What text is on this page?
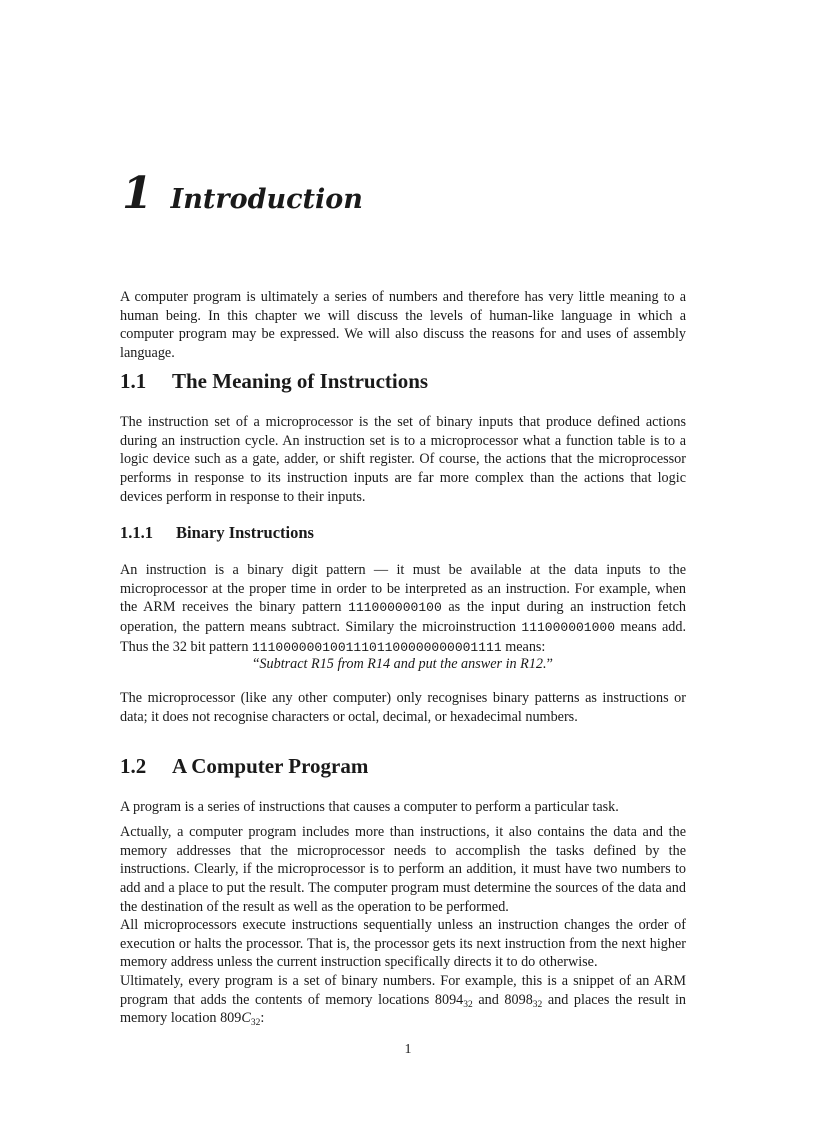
1 Introduction

A computer program is ultimately a series of numbers and therefore has very little meaning to a human being. In this chapter we will discuss the levels of human-like language in which a computer program may be expressed. We will also discuss the reasons for and uses of assembly language.

1.1 The Meaning of Instructions

The instruction set of a microprocessor is the set of binary inputs that produce defined actions during an instruction cycle. An instruction set is to a microprocessor what a function table is to a logic device such as a gate, adder, or shift register. Of course, the actions that the microprocessor performs in response to its instruction inputs are far more complex than the actions that logic devices perform in response to their inputs.

1.1.1 Binary Instructions

An instruction is a binary digit pattern — it must be available at the data inputs to the microprocessor at the proper time in order to be interpreted as an instruction. For example, when the ARM receives the binary pattern 111000000100 as the input during an instruction fetch operation, the pattern means subtract. Similary the microinstruction 111000001000 means add. Thus the 32 bit pattern 11100000010011101100000000001111 means:

“Subtract R15 from R14 and put the answer in R12.”

The microprocessor (like any other computer) only recognises binary patterns as instructions or data; it does not recognise characters or octal, decimal, or hexadecimal numbers.

1.2 A Computer Program

A program is a series of instructions that causes a computer to perform a particular task.

Actually, a computer program includes more than instructions, it also contains the data and the memory addresses that the microprocessor needs to accomplish the tasks defined by the instructions. Clearly, if the microprocessor is to perform an addition, it must have two numbers to add and a place to put the result. The computer program must determine the sources of the data and the destination of the result as well as the operation to be performed.

All microprocessors execute instructions sequentially unless an instruction changes the order of execution or halts the processor. That is, the processor gets its next instruction from the next higher memory address unless the current instruction specifically directs it to do otherwise.

Ultimately, every program is a set of binary numbers. For example, this is a snippet of an ARM program that adds the contents of memory locations $8094_{32}$ and $8098_{32}$ and places the result in memory location $809C_{32}$:

1
